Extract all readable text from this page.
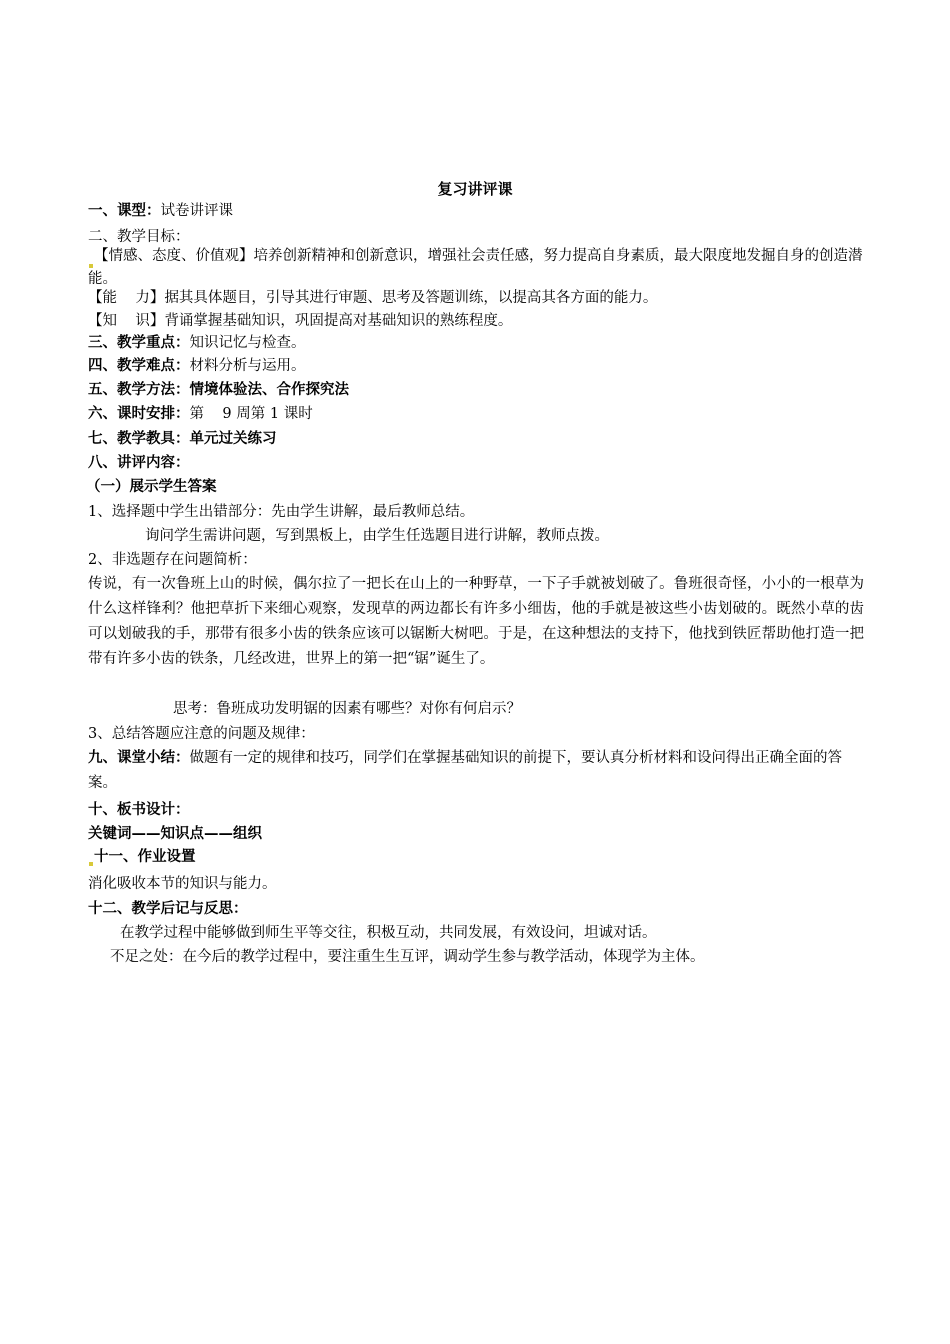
复习讲评课
一、课型：试卷讲评课
二、教学目标：
【情感、态度、价值观】培养创新精神和创新意识，增强社会责任感，努力提高自身素质，最大限度地发掘自身的创造潜能。
【能    力】据其具体题目，引导其进行审题、思考及答题训练，以提高其各方面的能力。
【知    识】背诵掌握基础知识，巩固提高对基础知识的熟练程度。
三、教学重点：知识记忆与检查。
四、教学难点：材料分析与运用。
五、教学方法：情境体验法、合作探究法
六、课时安排：第    9 周第 1 课时
七、教学教具：单元过关练习
八、讲评内容：
（一）展示学生答案
1、选择题中学生出错部分：先由学生讲解，最后教师总结。
询问学生需讲问题，写到黑板上，由学生任选题目进行讲解，教师点拨。
2、非选题存在问题简析：
传说，有一次鲁班上山的时候，偶尔拉了一把长在山上的一种野草，一下子手就被划破了。鲁班很奇怪，小小的一根草为什么这样锋利？他把草折下来细心观察，发现草的两边都长有许多小细齿，他的手就是被这些小齿划破的。既然小草的齿可以划破我的手，那带有很多小齿的铁条应该可以锯断大树吧。于是，在这种想法的支持下，他找到铁匠帮助他打造一把带有许多小齿的铁条，几经改进，世界上的第一把“锯”诞生了。
思考：鲁班成功发明锯的因素有哪些？对你有何启示？
3、总结答题应注意的问题及规律：
九、课堂小结：做题有一定的规律和技巧，同学们在掌握基础知识的前提下，要认真分析材料和设问得出正确全面的答案。
十、板书设计：
关键词——知识点——组织
十一、作业设置
消化吸收本节的知识与能力。
十二、教学后记与反思：
在教学过程中能够做到师生平等交往，积极互动，共同发展，有效设问，坦诚对话。
不足之处：在今后的教学过程中，要注重生生互评，调动学生参与教学活动，体现学为主体。
